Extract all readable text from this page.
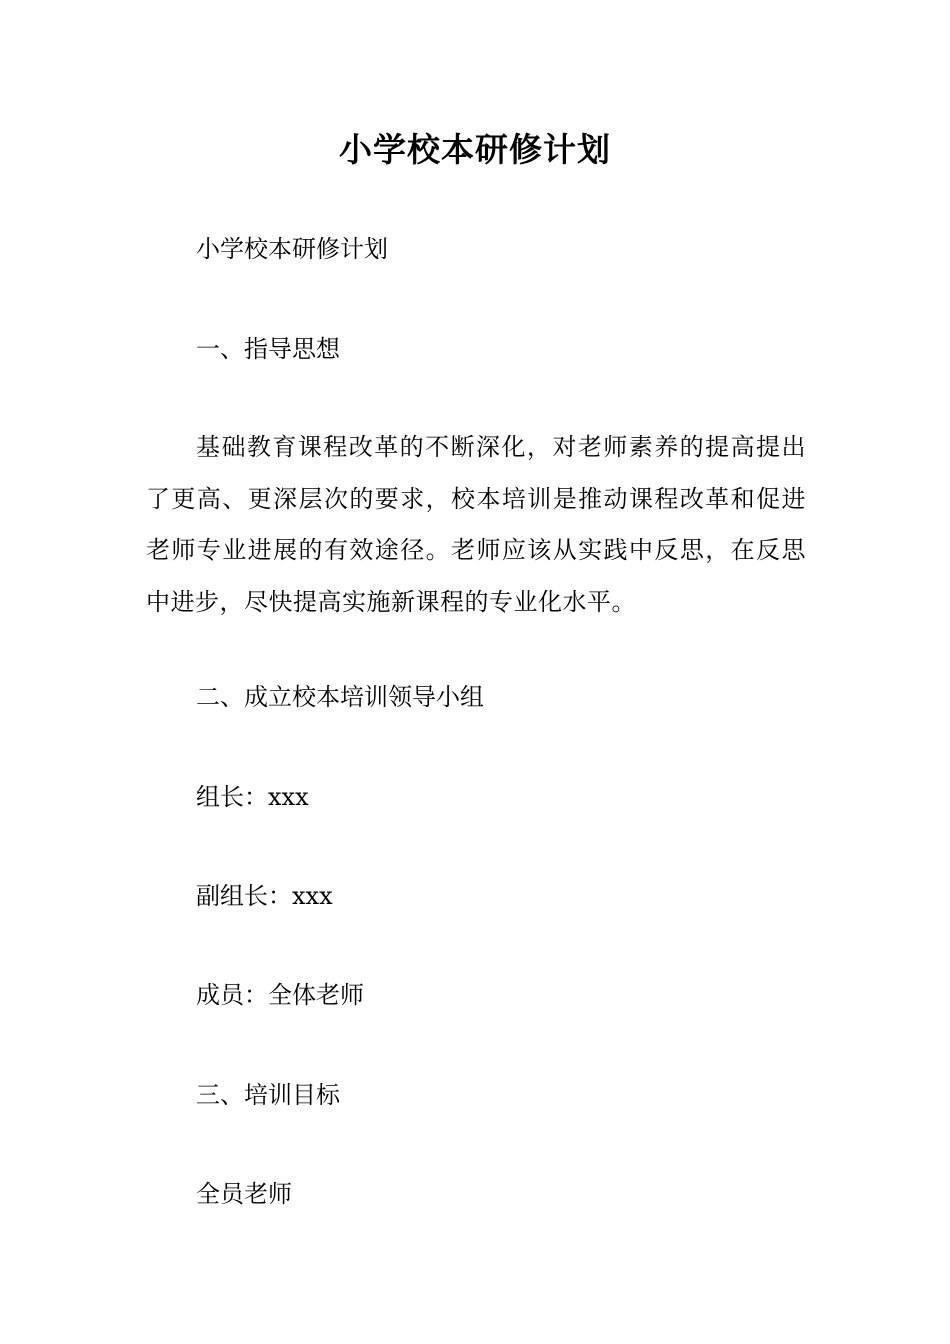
小学校本研修计划
小学校本研修计划
一、指导思想
基础教育课程改革的不断深化，对老师素养的提高提出了更高、更深层次的要求，校本培训是推动课程改革和促进老师专业进展的有效途径。老师应该从实践中反思，在反思中进步，尽快提高实施新课程的专业化水平。
二、成立校本培训领导小组
组长：xxx
副组长：xxx
成员：全体老师
三、培训目标
全员老师
